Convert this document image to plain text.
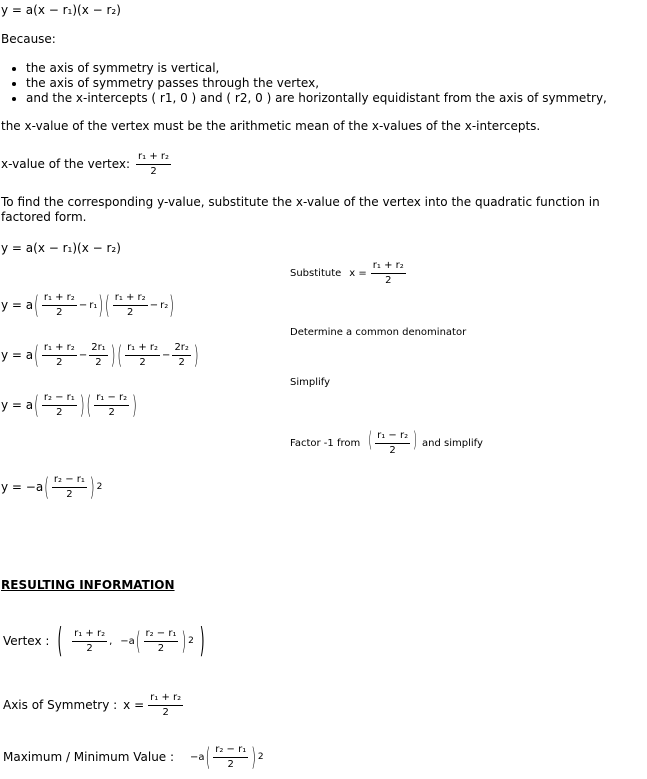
y = a(x − r₁)(x − r₂)
Because:
• the axis of symmetry is vertical,
• the axis of symmetry passes through the vertex,
• and the x-intercepts ( r1, 0 ) and ( r2, 0 ) are horizontally equidistant from the axis of symmetry,
the x-value of the vertex must be the arithmetic mean of the x-values of the x-intercepts.
x-value of the vertex: $\frac{\text{r₁ + r₂}}{2}$
To find the corresponding y-value, substitute the x-value of the vertex into the quadratic function in factored form.
y = a(x − r₁)(x − r₂)
y = a ( $\frac{\text{r₁ + r₂}}{2} - r_1$ ) ( $\frac{\text{r₁ + r₂}}{2} - r_2$ )
Substitute $x = \frac{\text{r₁ + r₂}}{2}$
Determine a common denominator
y = a ( $\frac{\text{r₁ + r₂}}{2} - \frac{\text{2r₁}}{2}$ ) ( $\frac{\text{r₁ + r₂}}{2} - \frac{\text{2r₂}}{2}$ )
Simplify
y = a ( $\frac{\text{r₂ − r₁}}{2}$ ) ( $\frac{\text{r₁ − r₂}}{2}$ )
Factor -1 from ( $\frac{\text{r₁ − r₂}}{2}$ ) and simplify
y = −a ( $\frac{\text{r₂ − r₁}}{2}$ ) 2
RESULTING INFORMATION
Vertex : ( $\frac{\text{r₁ + r₂}}{2}$ , −a ( $\frac{\text{r₂ − r₁}}{2}$ ) 2 )
Axis of Symmetry : $x = \frac{\text{r₁ + r₂}}{2}$
Maximum / Minimum Value : −a ( $\frac{\text{r₂ − r₁}}{2}$ ) 2
